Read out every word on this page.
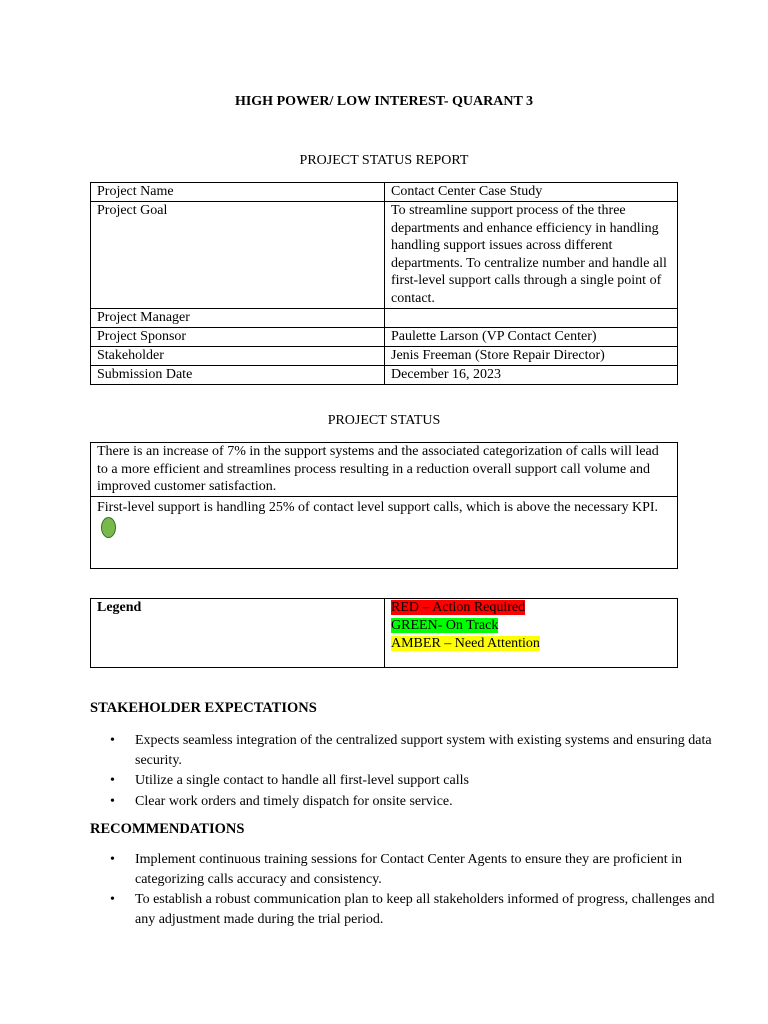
HIGH POWER/ LOW INTEREST- QUARANT 3
PROJECT STATUS REPORT
Project Name	Contact Center Case Study
Project Goal	To streamline support process of the three departments and enhance efficiency in handling handling support issues across different departments. To centralize number and handle all first-level support calls through a single point of contact.
Project Manager	
Project Sponsor	Paulette Larson (VP Contact Center)
Stakeholder	Jenis Freeman (Store Repair Director)
Submission Date	December 16, 2023
PROJECT STATUS
There is an increase of 7% in the support systems and the associated categorization of calls will lead to a more efficient and streamlines process resulting in a reduction overall support call volume and improved customer satisfaction.
First-level support is handling 25% of contact level support calls, which is above the necessary KPI.
Legend	RED – Action Required
GREEN- On Track
AMBER – Need Attention
STAKEHOLDER EXPECTATIONS
• Expects seamless integration of the centralized support system with existing systems and ensuring data security.
• Utilize a single contact to handle all first-level support calls
• Clear work orders and timely dispatch for onsite service.
RECOMMENDATIONS
• Implement continuous training sessions for Contact Center Agents to ensure they are proficient in categorizing calls accuracy and consistency.
• To establish a robust communication plan to keep all stakeholders informed of progress, challenges and any adjustment made during the trial period.
